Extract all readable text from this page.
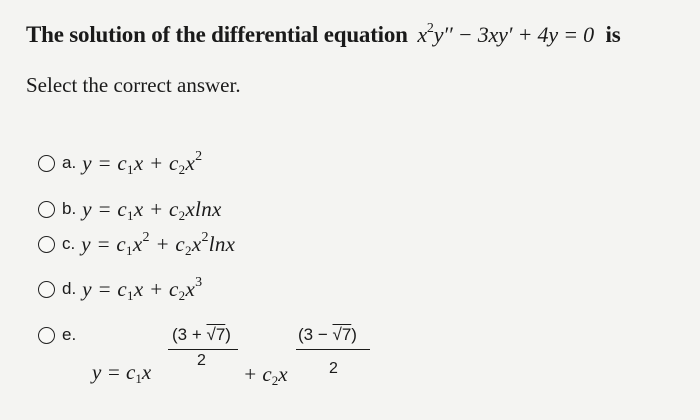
The solution of the differential equation $x^2y'' - 3xy' + 4y = 0$ is
Select the correct answer.
a. $y = c_1x + c_2x^2$
b. $y = c_1x + c_2xlnx$
c. $y = c_1x^2 + c_2x^2\ln x$
d. $y = c_1x + c_2x^3$
e.
$y = c_1x$
(3 + √7)
2
+ $c_2x$
(3 − √7)
2
